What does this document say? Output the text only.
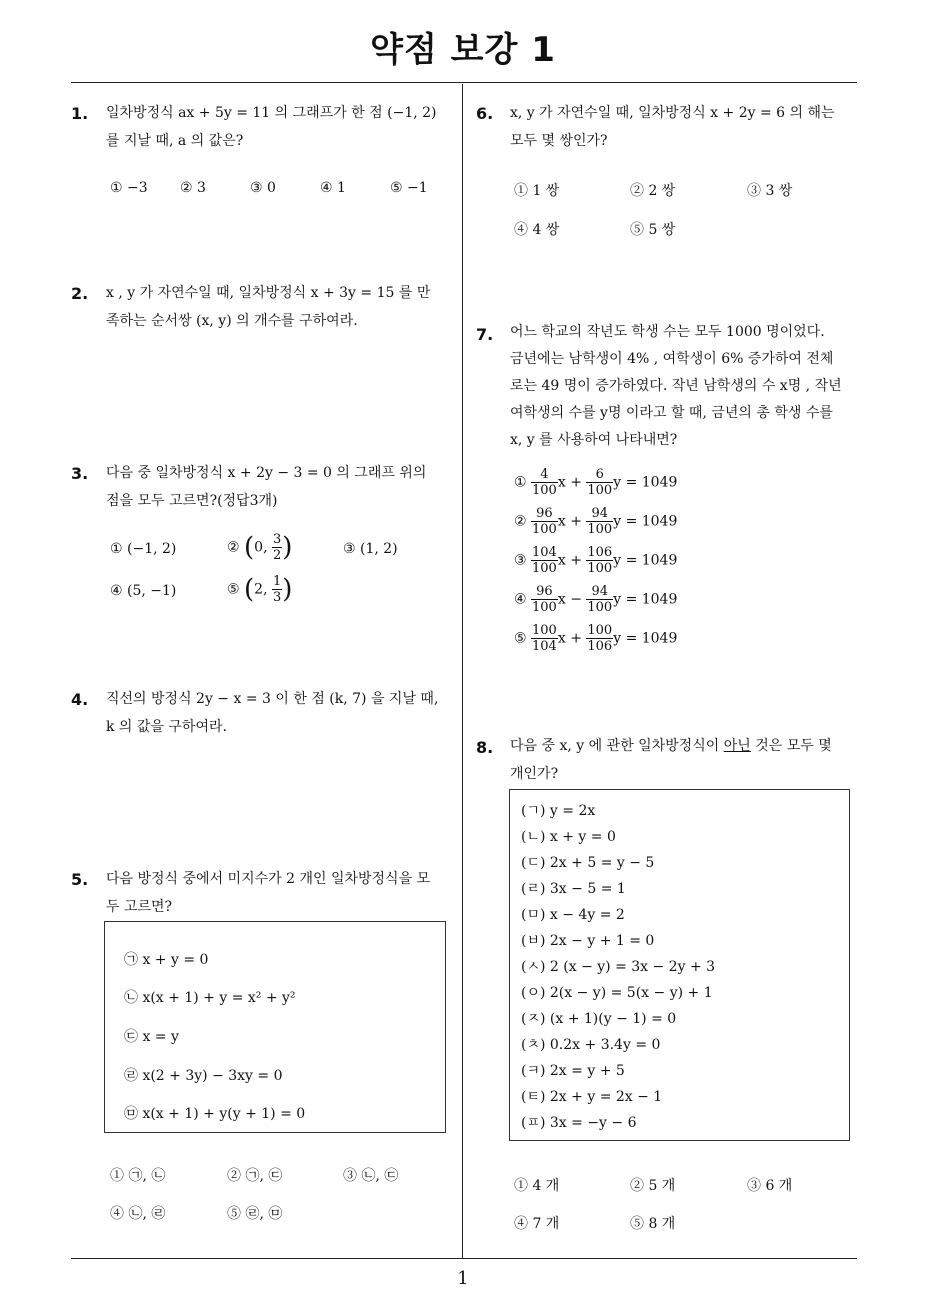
약점 보강 1
1. 일차방정식 ax + 5y = 11 의 그래프가 한 점 (−1, 2)
를 지날 때, a 의 값은?
① −3 ② 3	③ 0	④ 1	⑤ −1
2. x , y 가 자연수일 때, 일차방정식 x + 3y = 15 를 만
족하는 순서쌍 (x, y) 의 개수를 구하여라.
3. 다음 중 일차방정식 x + 2y − 3 = 0 의 그래프 위의
점을 모두 고르면?(정답3개)
① (−1, 2)	② (0, $\frac{3}{2}$ )	③ (1, 2)
④ (5, −1)	⑤ (2, $\frac{1}{3}$ )
4. 직선의 방정식 2y − x = 3 이 한 점 (k, 7) 을 지날 때,
k 의 값을 구하여라.
5. 다음 방정식 중에서 미지수가 2 개인 일차방정식을 모
두 고르면?
㉠ x + y = 0
㉡ x(x + 1) + y = x² + y²
㉢ x = y
㉣ x(2 + 3y) − 3xy = 0
㉤ x(x + 1) + y(y + 1) = 0
① ㉠, ㉡	② ㉠, ㉢	③ ㉡, ㉢
④ ㉡, ㉣	⑤ ㉣, ㉤
6. x, y 가 자연수일 때, 일차방정식 x + 2y = 6 의 해는
모두 몇 쌍인가?
① 1 쌍	② 2 쌍	③ 3 쌍
④ 4 쌍	⑤ 5 쌍
7. 어느 학교의 작년도 학생 수는 모두 1000 명이었다.
금년에는 남학생이 4% , 여학생이 6% 증가하여 전체
로는 49 명이 증가하였다. 작년 남학생의 수 x명 , 작년
여학생의 수를 y명 이라고 할 때, 금년의 총 학생 수를
x, y 를 사용하여 나타내면?
① $\frac{4}{100}$ $x + \frac{6}{100}$ y = 1049
② $\frac{96}{100}$ $x + \frac{94}{100}$ y = 1049
③ $\frac{104}{100}$ $x + \frac{106}{100}$ y = 1049
④ $\frac{96}{100}$ $x - \frac{94}{100}$ y = 1049
⑤ $\frac{100}{104}$ $x + \frac{100}{106}$ y = 1049
8. 다음 중 x, y 에 관한 일차방정식이 아닌 것은 모두 몇
개인가?
(ㄱ) y = 2x
(ㄴ) x + y = 0
(ㄷ) 2x + 5 = y − 5
(ㄹ) 3x − 5 = 1
(ㅁ) x − 4y = 2
(ㅂ) 2x − y + 1 = 0
(ㅅ) 2 (x − y) = 3x − 2y + 3
(ㅇ) 2(x − y) = 5(x − y) + 1
(ㅈ) (x + 1)(y − 1) = 0
(ㅊ) 0.2x + 3.4y = 0
(ㅋ) 2x = y + 5
(ㅌ) 2x + y = 2x − 1
(ㅍ) 3x = −y − 6
① 4 개	② 5 개	③ 6 개
④ 7 개	⑤ 8 개
1
